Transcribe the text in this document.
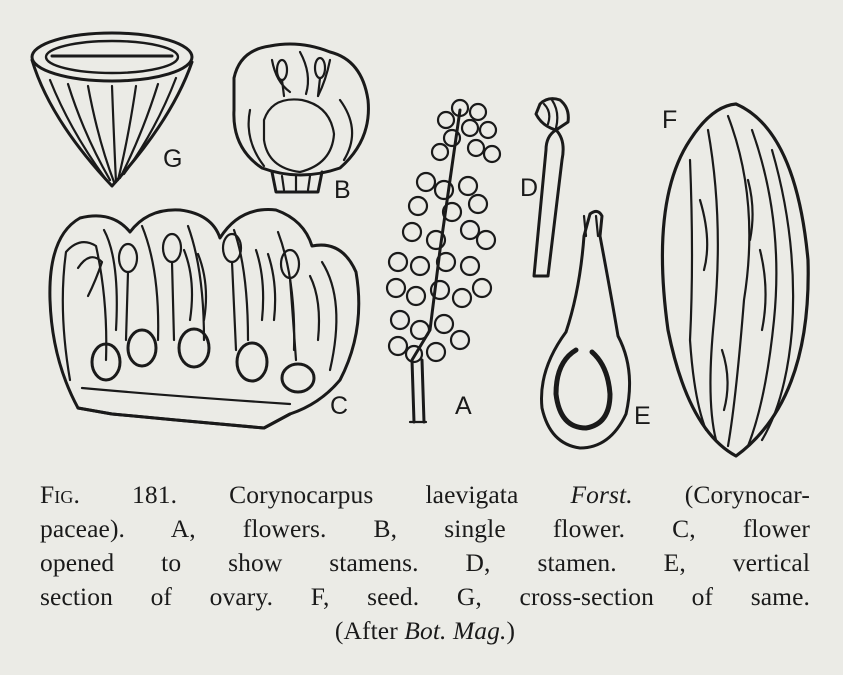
G
B
C	A
D
E
F
Fig. 181. Corynocarpus laevigata Forst. (Corynocar-
paceae). A, flowers. B, single flower. C, flower
opened to show stamens. D, stamen. E, vertical
section of ovary. F, seed. G, cross-section of same.
(After Bot. Mag.)
